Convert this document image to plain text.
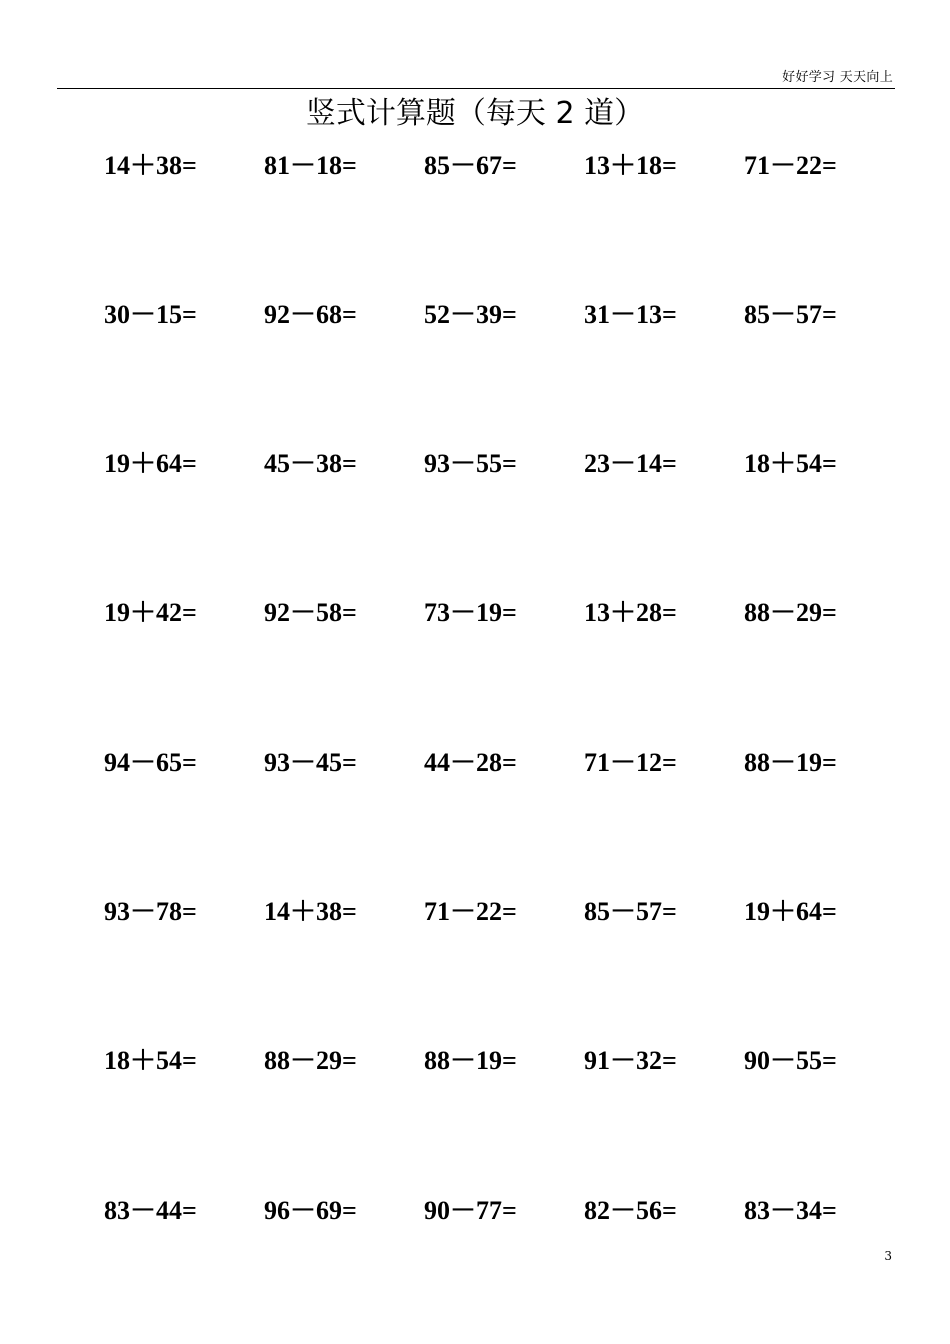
好好学习 天天向上
竖式计算题（每天 2 道）
14＋38=	81－18=	85－67=	13＋18=	71－22=
30－15=	92－68=	52－39=	31－13=	85－57=
19＋64=	45－38=	93－55=	23－14=	18＋54=
19＋42=	92－58=	73－19=	13＋28=	88－29=
94－65=	93－45=	44－28=	71－12=	88－19=
93－78=	14＋38=	71－22=	85－57=	19＋64=
18＋54=	88－29=	88－19=	91－32=	90－55=
83－44=	96－69=	90－77=	82－56=	83－34=
3
